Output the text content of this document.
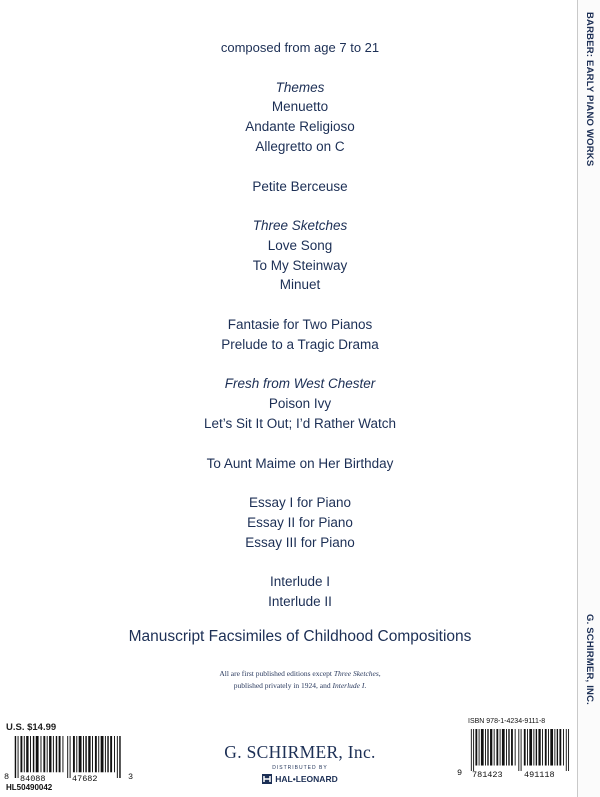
composed from age 7 to 21
Themes
Menuetto
Andante Religioso
Allegretto on C
Petite Berceuse
Three Sketches
Love Song
To My Steinway
Minuet
Fantasie for Two Pianos
Prelude to a Tragic Drama
Fresh from West Chester
Poison Ivy
Let’s Sit It Out; I’d Rather Watch
To Aunt Maime on Her Birthday
Essay I for Piano
Essay II for Piano
Essay III for Piano
Interlude I
Interlude II
Manuscript Facsimiles of Childhood Compositions
All are first published editions except Three Sketches,
published privately in 1924, and Interlude I.
BARBER: EARLY PIANO WORKS
G. SCHIRMER, INC.
U.S. $14.99
8 84088	47682	3
HL50490042
G. SCHIRMER, Inc.
DISTRIBUTED BY
HAL•LEONARD
ISBN 978-1-4234-9111-8
9 781423	491118
